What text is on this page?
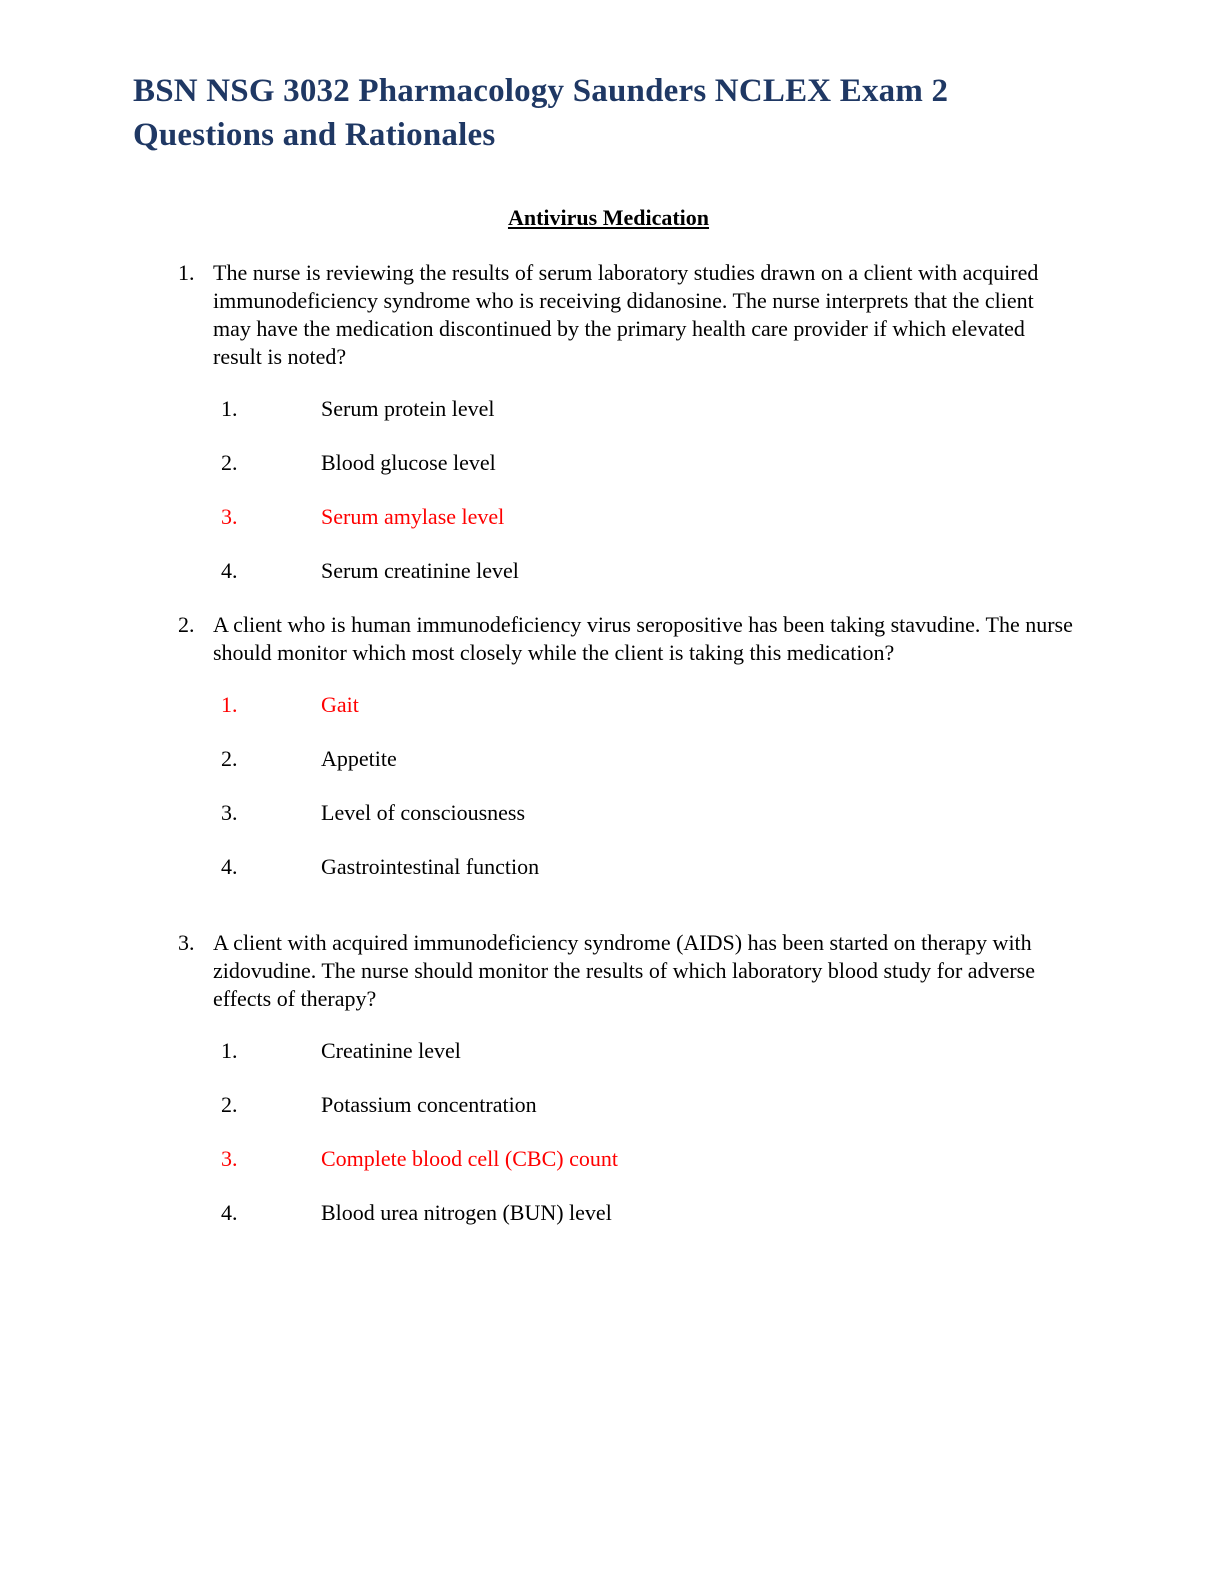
BSN NSG 3032 Pharmacology Saunders NCLEX Exam 2 Questions and Rationales
Antivirus Medication
1. The nurse is reviewing the results of serum laboratory studies drawn on a client with acquired immunodeficiency syndrome who is receiving didanosine. The nurse interprets that the client may have the medication discontinued by the primary health care provider if which elevated result is noted?
1.	Serum protein level
2.	Blood glucose level
3.	Serum amylase level
4.	Serum creatinine level
2. A client who is human immunodeficiency virus seropositive has been taking stavudine. The nurse should monitor which most closely while the client is taking this medication?
1.	Gait
2.	Appetite
3.	Level of consciousness
4.	Gastrointestinal function
3. A client with acquired immunodeficiency syndrome (AIDS) has been started on therapy with zidovudine. The nurse should monitor the results of which laboratory blood study for adverse effects of therapy?
1.	Creatinine level
2.	Potassium concentration
3.	Complete blood cell (CBC) count
4.	Blood urea nitrogen (BUN) level
